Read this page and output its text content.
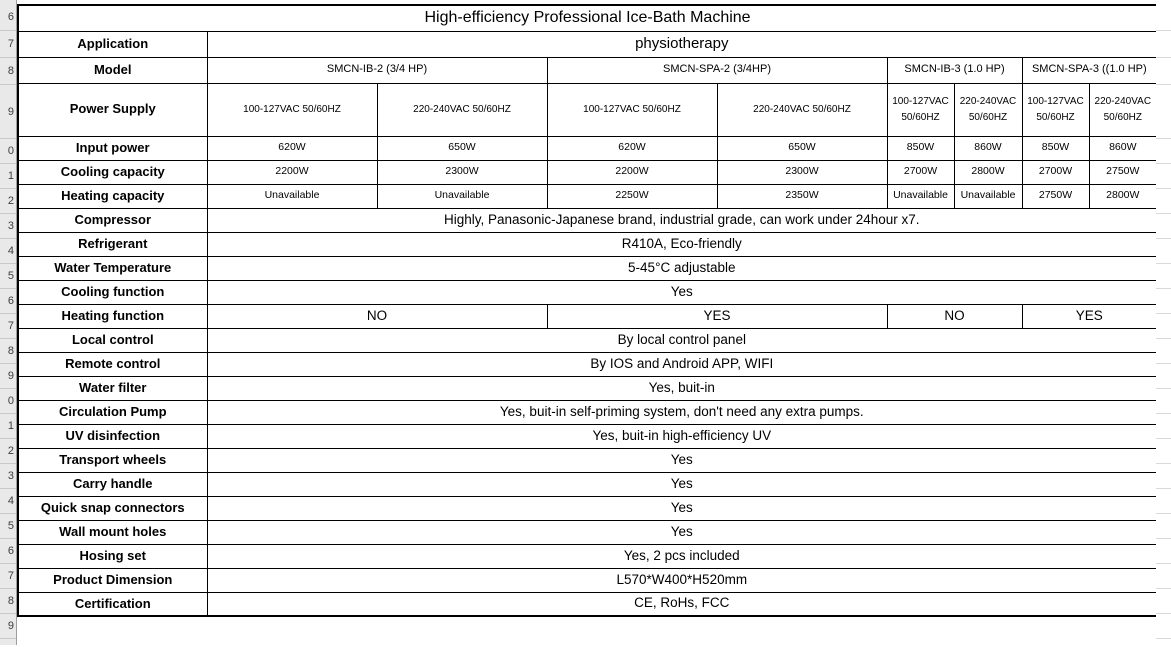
6
7
8
9
0
1
2
3
4
5
6
7
8
9
0
1
2
3
4
5
6
7
8
9
High-efficiency Professional Ice-Bath Machine								
Application	physiotherapy							
Model	SMCN-IB-2 (3/4 HP)		SMCN-SPA-2 (3/4HP)		SMCN-IB-3 (1.0 HP)		SMCN-SPA-3 ((1.0 HP)	
Power Supply	100-127VAC 50/60HZ	220-240VAC 50/60HZ	100-127VAC 50/60HZ	220-240VAC 50/60HZ	100-127VAC 50/60HZ	220-240VAC 50/60HZ	100-127VAC 50/60HZ	220-240VAC 50/60HZ
Input power	620W	650W	620W	650W	850W	860W	850W	860W
Cooling capacity	2200W	2300W	2200W	2300W	2700W	2800W	2700W	2750W
Heating capacity	Unavailable	Unavailable	2250W	2350W	Unavailable	Unavailable	2750W	2800W
Compressor	Highly, Panasonic-Japanese brand, industrial grade, can work under 24hour x7.							
Refrigerant	R410A, Eco-friendly							
Water Temperature	5-45°C adjustable							
Cooling function	Yes							
Heating function	NO		YES		NO		YES	
Local control	By local control panel							
Remote control	By IOS and Android APP, WIFI							
Water filter	Yes, buit-in							
Circulation Pump	Yes, buit-in self-priming system, don't need any extra pumps.							
UV disinfection	Yes, buit-in high-efficiency UV							
Transport wheels	Yes							
Carry handle	Yes							
Quick snap connectors	Yes							
Wall mount holes	Yes							
Hosing set	Yes, 2 pcs included							
Product Dimension	L570*W400*H520mm							
Certification	CE, RoHs, FCC							
